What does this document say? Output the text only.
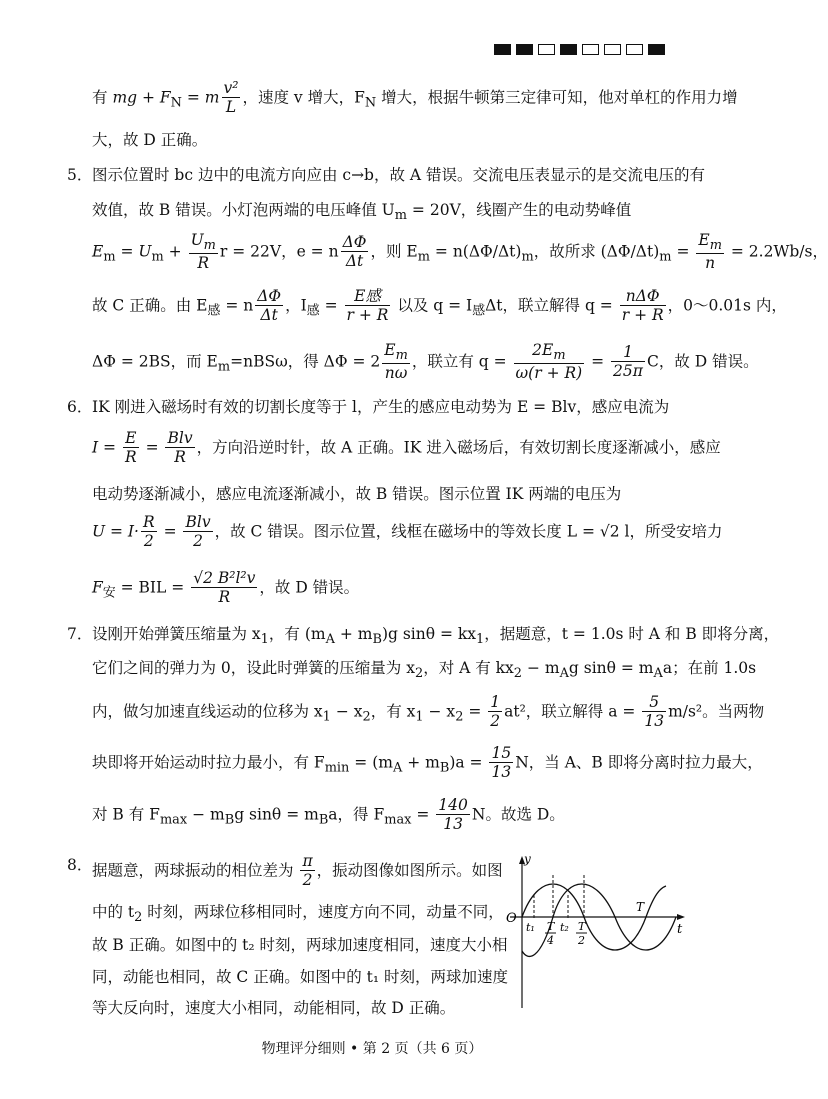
有 mg + $F_N = m \frac{\text{v²}}{L}$ ，速度 v 增大，$F_N$ 增大，根据牛顿第三定律可知，他对单杠的作用力增
大，故 D 正确。
5． 图示位置时 bc 边中的电流方向应由 c→b，故 A 错误。交流电压表显示的是交流电压的有
效值，故 B 错误。小灯泡两端的电压峰值 $U_m = 20V$，线圈产生的电动势峰值
$E_m = U_m + \frac{U_m}{R}$ r = 22V，e = n $\frac{\Delta\Phi}{\Delta t}$ ，则 $E_m = n(\Delta\Phi/\Delta t)_m$，故所求 $(\Delta\Phi/\Delta t)_m = \frac{E_m}{n} = 2.2Wb/s$，
故 C 正确。由 $E_感 = n \frac{\Delta\Phi}{\Delta t}$ ，$I_感 = \frac{\text{E感}}{r + R}$ 以及 $q = I_感\Delta t$，联立解得 $q = \frac{\text{nΔΦ}}{r + R}$ ，0～0.01s 内，
ΔΦ = 2BS，而 $E_m=nBS\omega$，得 $\Delta\Phi = 2 \frac{E_m}{n\omega}$ ，联立有 $q = \frac{2E_m}{\omega(r + R)} = \frac{1}{25\pi}$ C，故 D 错误。
6． IK 刚进入磁场时有效的切割长度等于 l，产生的感应电动势为 E = Blv，感应电流为
$I = \frac{E}{R} = \frac{\text{Blv}}{R}$ ，方向沿逆时针，故 A 正确。IK 进入磁场后，有效切割长度逐渐减小，感应
电动势逐渐减小，感应电流逐渐减小，故 B 错误。图示位置 IK 两端的电压为
$U = I\cdot \frac{R}{2} = \frac{\text{Blv}}{2}$ ，故 C 错误。图示位置，线框在磁场中的等效长度 L = √2 l，所受安培力
$F_安$ = BIL = $\frac{\text{√2 B²l²v}}{R}$ ，故 D 错误。
7． 设刚开始弹簧压缩量为 $x_1$，有 $(m_A + m_B)g$ $\sin\theta = kx_1$，据题意，t = 1.0s 时 A 和 B 即将分离，
它们之间的弹力为 0，设此时弹簧的压缩量为 $x_2$，对 A 有 $kx_2 - m_Ag$ $\sin\theta = m_Aa$；在前 1.0s
内，做匀加速直线运动的位移为 $x_1 - x_2$，有 $x_1 - x_2 = \frac{1}{2} at^2$，联立解得 $a = \frac{5}{13} m/s^2$。当两物
块即将开始运动时拉力最小，有 $F_{min} = (m_A + m_B)a = \frac{15}{13}$ N，当 A、B 即将分离时拉力最大，
对 B 有 $F_{max} - m_Bg$ $\sin\theta = m_Ba$，得 $F_{max} = \frac{140}{13}$ N。故选 D。
8． 据题意，两球振动的相位差为 $\frac{\pi}{2}$ ，振动图像如图所示。如图
中的 $t_2$ 时刻，两球位移相同时，速度方向不同，动量不同，
故 B 正确。如图中的 t₂ 时刻，两球加速度相同，速度大小相
同，动能也相同，故 C 正确。如图中的 t₁ 时刻，两球加速度
等大反向时，速度大小相同，动能相同，故 D 正确。
y
t
O
t₁ t₂
T
4
T
2
T
物理评分细则 • 第 2 页（共 6 页）
